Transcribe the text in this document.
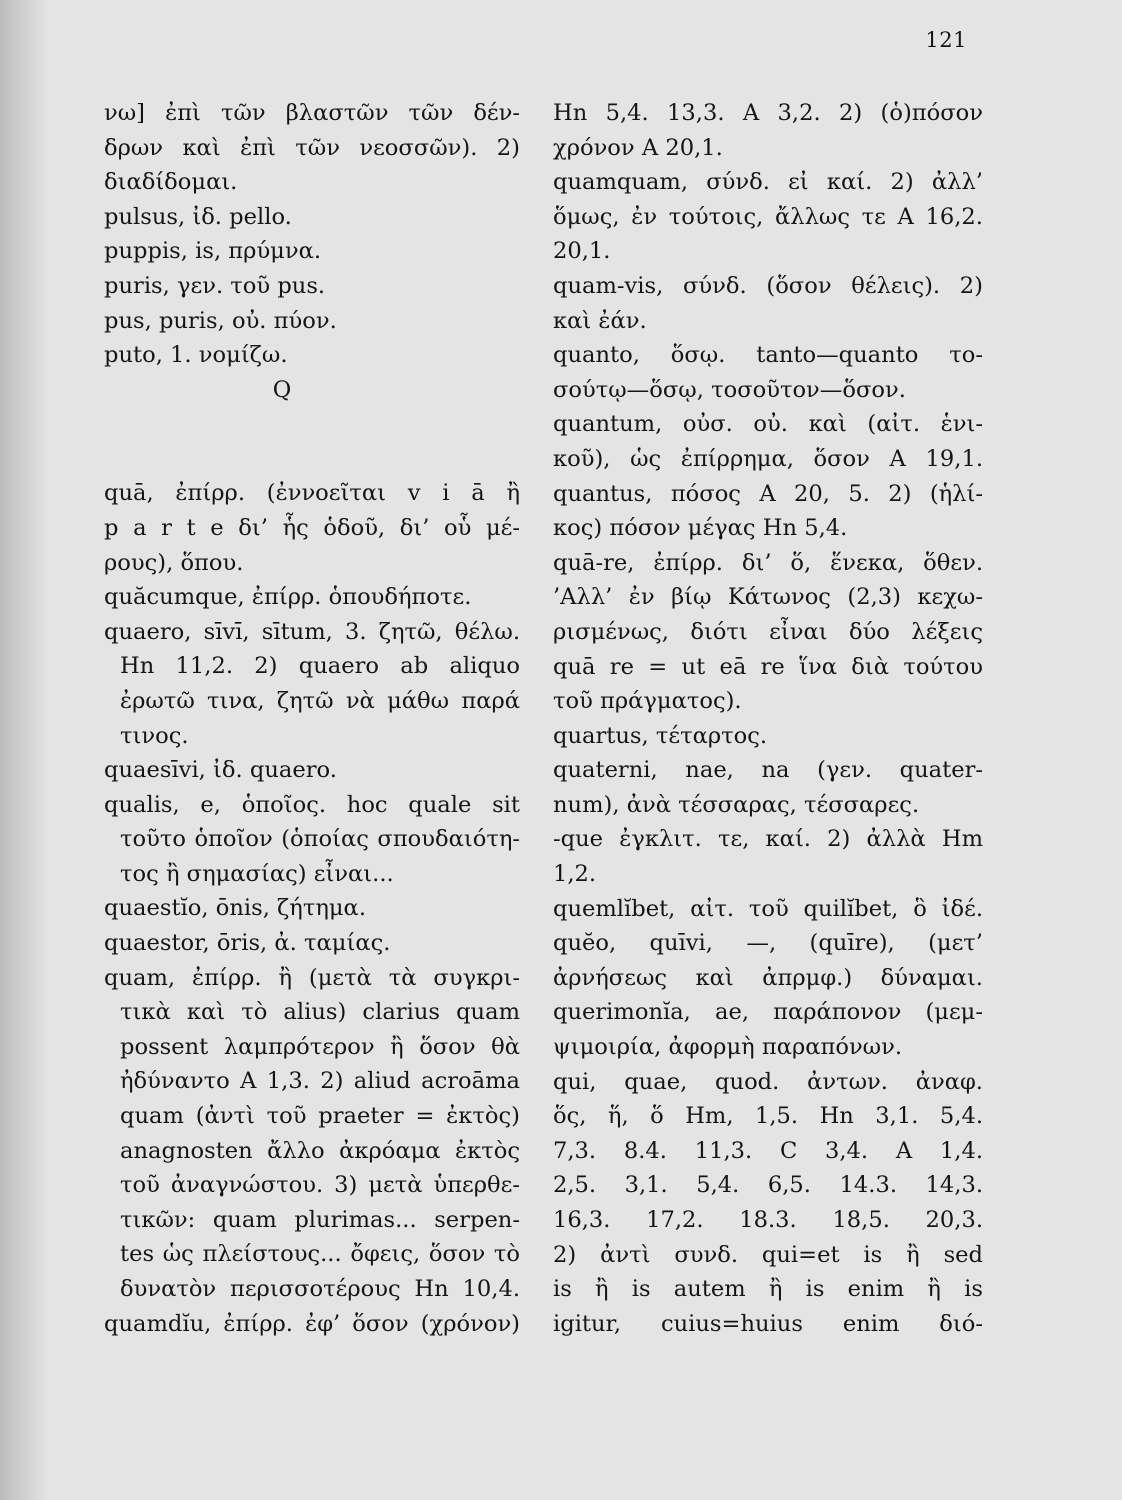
121
νω] ἐπὶ τῶν βλαστῶν τῶν δέν-
δρων καὶ ἐπὶ τῶν νεοσσῶν). 2)
διαδίδομαι.
pulsus, ἰδ. pello.
puppis, is, πρύμνα.
puris, γεν. τοῦ pus.
pus, puris, οὐ. πύον.
puto, 1. νομίζω.
Q
quā, ἐπίρρ. (ἐννοεῖται v i ā ἢ
p a r t e δι’ ἧς ὁδοῦ, δι’ οὗ μέ-
ρους), ὅπου.
quăcumque, ἐπίρρ. ὁπουδήποτε.
quaero, sīvī, sītum, 3. ζητῶ, θέλω.
Hn 11,2. 2) quaero ab aliquo
ἐρωτῶ τινα, ζητῶ νὰ μάθω παρά
τινος.
quaesīvi, ἰδ. quaero.
qualis, e, ὁποῖος. hoc quale sit
τοῦτο ὁποῖον (ὁποίας σπουδαιότη-
τος ἢ σημασίας) εἶναι...
quaestĭo, ōnis, ζήτημα.
quaestor, ōris, ἀ. ταμίας.
quam, ἐπίρρ. ἢ (μετὰ τὰ συγκρι-
τικὰ καὶ τὸ alius) clarius quam
possent λαμπρότερον ἢ ὅσον θὰ
ἠδύναντο A 1,3. 2) aliud acroāma
quam (ἀντὶ τοῦ praeter = ἐκτὸς)
anagnosten ἄλλο ἀκρόαμα ἐκτὸς
τοῦ ἀναγνώστου. 3) μετὰ ὑπερθε-
τικῶν: quam plurimas... serpen-
tes ὡς πλείστους... ὄφεις, ὅσον τὸ
δυνατὸν περισσοτέρους Hn 10,4.
quamdĭu, ἐπίρρ. ἐφ’ ὅσον (χρόνον)
Hn 5,4. 13,3. A 3,2. 2) (ὁ)πόσον
χρόνον A 20,1.
quamquam, σύνδ. εἰ καί. 2) ἀλλ’
ὅμως, ἐν τούτοις, ἄλλως τε A 16,2.
20,1.
quam-vis, σύνδ. (ὅσον θέλεις). 2)
καὶ ἐάν.
quanto, ὅσῳ. tanto—quanto το-
σούτῳ—ὅσῳ, τοσοῦτον—ὅσον.
quantum, οὐσ. οὐ. καὶ (αἰτ. ἑνι-
κοῦ), ὡς ἐπίρρημα, ὅσον A 19,1.
quantus, πόσος A 20, 5. 2) (ἡλί-
κος) πόσον μέγας Hn 5,4.
quā-re, ἐπίρρ. δι’ ὅ, ἕνεκα, ὅθεν.
’Αλλ’ ἐν βίῳ Κάτωνος (2,3) κεχω-
ρισμένως, διότι εἶναι δύο λέξεις
quā re = ut eā re ἵνα διὰ τούτου
τοῦ πράγματος).
quartus, τέταρτος.
quaterni, nae, na (γεν. quater-
num), ἀνὰ τέσσαρας, τέσσαρες.
-que ἐγκλιτ. τε, καί. 2) ἀλλὰ Hm
1,2.
quemlĭbet, αἰτ. τοῦ quilĭbet, ὃ ἰδέ.
quĕo, quīvi, —, (quīre), (μετ’
ἀρνήσεως καὶ ἀπρμφ.) δύναμαι.
querimonĭa, ae, παράπονον (μεμ-
ψιμοιρία, ἀφορμὴ παραπόνων.
qui, quae, quod. ἀντων. ἀναφ.
ὅς, ἥ, ὅ Hm, 1,5. Hn 3,1. 5,4.
7,3. 8.4. 11,3. C 3,4. A 1,4.
2,5. 3,1. 5,4. 6,5. 14.3. 14,3.
16,3. 17,2. 18.3. 18,5. 20,3.
2) ἀντὶ συνδ. qui=et is ἢ sed
is ἢ is autem ἢ is enim ἢ is
igitur, cuius=huius enim διό-
